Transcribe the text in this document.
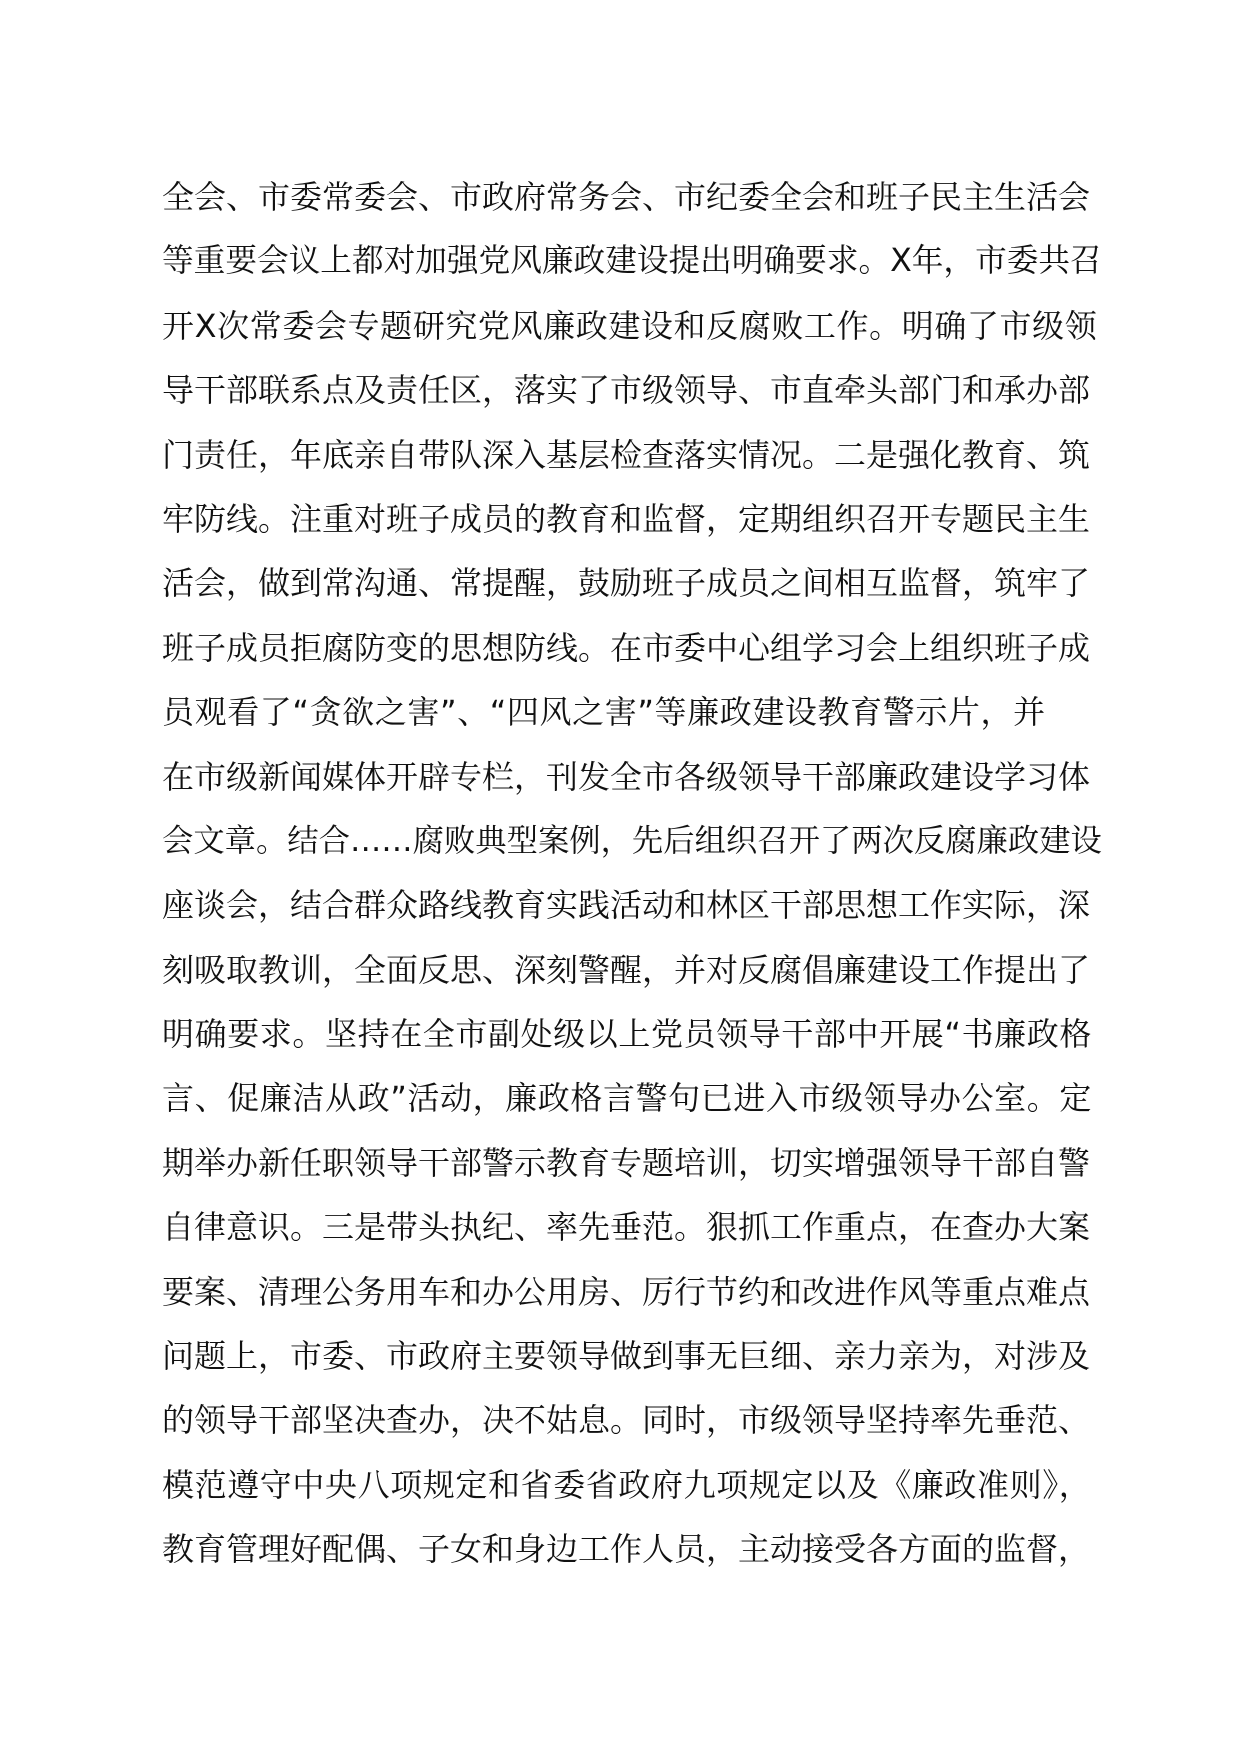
全会、市委常委会、市政府常务会、市纪委全会和班子民主生活会
等重要会议上都对加强党风廉政建设提出明确要求。X年，市委共召
开X次常委会专题研究党风廉政建设和反腐败工作。明确了市级领
导干部联系点及责任区，落实了市级领导、市直牵头部门和承办部
门责任，年底亲自带队深入基层检查落实情况。二是强化教育、筑
牢防线。注重对班子成员的教育和监督，定期组织召开专题民主生
活会，做到常沟通、常提醒，鼓励班子成员之间相互监督，筑牢了
班子成员拒腐防变的思想防线。在市委中心组学习会上组织班子成
员观看了“贪欲之害”、“四风之害”等廉政建设教育警示片，并
在市级新闻媒体开辟专栏，刊发全市各级领导干部廉政建设学习体
会文章。结合……腐败典型案例，先后组织召开了两次反腐廉政建设
座谈会，结合群众路线教育实践活动和林区干部思想工作实际，深
刻吸取教训，全面反思、深刻警醒，并对反腐倡廉建设工作提出了
明确要求。坚持在全市副处级以上党员领导干部中开展“书廉政格
言、促廉洁从政”活动，廉政格言警句已进入市级领导办公室。定
期举办新任职领导干部警示教育专题培训，切实增强领导干部自警
自律意识。三是带头执纪、率先垂范。狠抓工作重点，在查办大案
要案、清理公务用车和办公用房、厉行节约和改进作风等重点难点
问题上，市委、市政府主要领导做到事无巨细、亲力亲为，对涉及
的领导干部坚决查办，决不姑息。同时，市级领导坚持率先垂范、
模范遵守中央八项规定和省委省政府九项规定以及《廉政准则》，
教育管理好配偶、子女和身边工作人员，主动接受各方面的监督，
